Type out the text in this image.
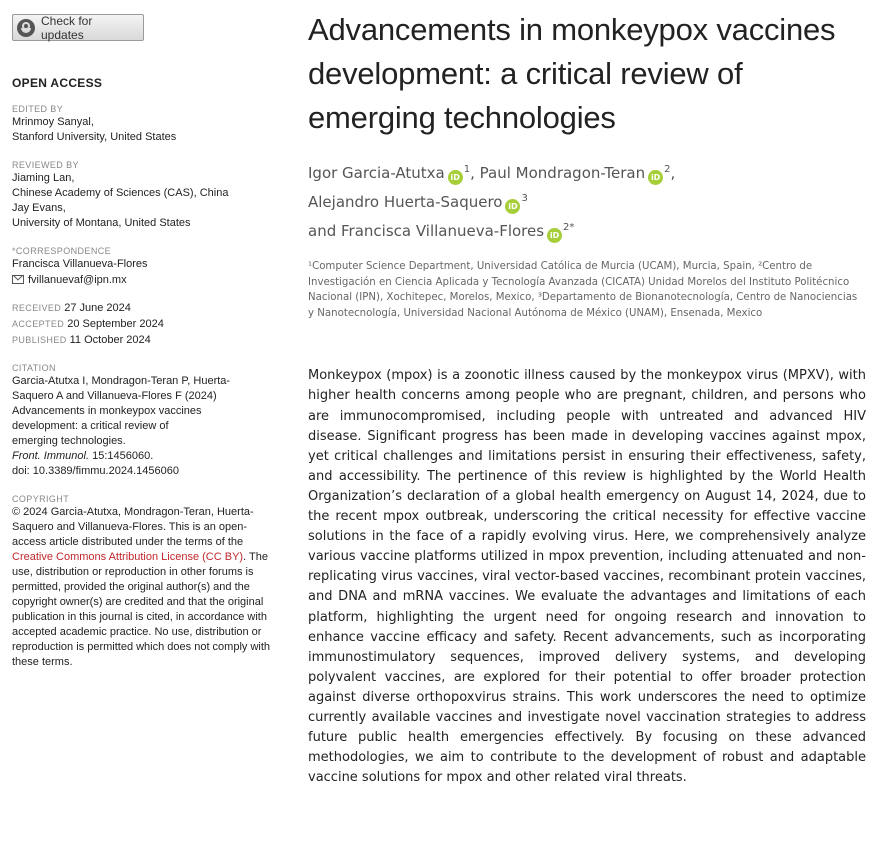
Check for updates
OPEN ACCESS
EDITED BY
Mrinmoy Sanyal,
Stanford University, United States
REVIEWED BY
Jiaming Lan,
Chinese Academy of Sciences (CAS), China
Jay Evans,
University of Montana, United States
*CORRESPONDENCE
Francisca Villanueva-Flores
fvillanuevaf@ipn.mx
RECEIVED 27 June 2024
ACCEPTED 20 September 2024
PUBLISHED 11 October 2024
CITATION
Garcia-Atutxa I, Mondragon-Teran P, Huerta-
Saquero A and Villanueva-Flores F (2024)
Advancements in monkeypox vaccines
development: a critical review of
emerging technologies.
Front. Immunol. 15:1456060.
doi: 10.3389/fimmu.2024.1456060
COPYRIGHT
© 2024 Garcia-Atutxa, Mondragon-Teran, Huerta-Saquero and Villanueva-Flores. This is an open-access article distributed under the terms of the Creative Commons Attribution License (CC BY). The use, distribution or reproduction in other forums is permitted, provided the original author(s) and the copyright owner(s) are credited and that the original publication in this journal is cited, in accordance with accepted academic practice. No use, distribution or reproduction is permitted which does not comply with these terms.
Advancements in monkeypox vaccines development: a critical review of emerging technologies
Igor Garcia-Atutxa $iD^1$, Paul Mondragon-Teran $iD^2$,
Alejandro Huerta-Saquero $iD^3$
and Francisca Villanueva-Flores $iD^{2*}$
¹Computer Science Department, Universidad Católica de Murcia (UCAM), Murcia, Spain, ²Centro de Investigación en Ciencia Aplicada y Tecnología Avanzada (CICATA) Unidad Morelos del Instituto Politécnico Nacional (IPN), Xochitepec, Morelos, Mexico, ³Departamento de Bionanotecnología, Centro de Nanociencias y Nanotecnología, Universidad Nacional Autónoma de México (UNAM), Ensenada, Mexico
Monkeypox (mpox) is a zoonotic illness caused by the monkeypox virus (MPXV), with higher health concerns among people who are pregnant, children, and persons who are immunocompromised, including people with untreated and advanced HIV disease. Significant progress has been made in developing vaccines against mpox, yet critical challenges and limitations persist in ensuring their effectiveness, safety, and accessibility. The pertinence of this review is highlighted by the World Health Organization’s declaration of a global health emergency on August 14, 2024, due to the recent mpox outbreak, underscoring the critical necessity for effective vaccine solutions in the face of a rapidly evolving virus. Here, we comprehensively analyze various vaccine platforms utilized in mpox prevention, including attenuated and non-replicating virus vaccines, viral vector-based vaccines, recombinant protein vaccines, and DNA and mRNA vaccines. We evaluate the advantages and limitations of each platform, highlighting the urgent need for ongoing research and innovation to enhance vaccine efficacy and safety. Recent advancements, such as incorporating immunostimulatory sequences, improved delivery systems, and developing polyvalent vaccines, are explored for their potential to offer broader protection against diverse orthopoxvirus strains. This work underscores the need to optimize currently available vaccines and investigate novel vaccination strategies to address future public health emergencies effectively. By focusing on these advanced methodologies, we aim to contribute to the development of robust and adaptable vaccine solutions for mpox and other related viral threats.
